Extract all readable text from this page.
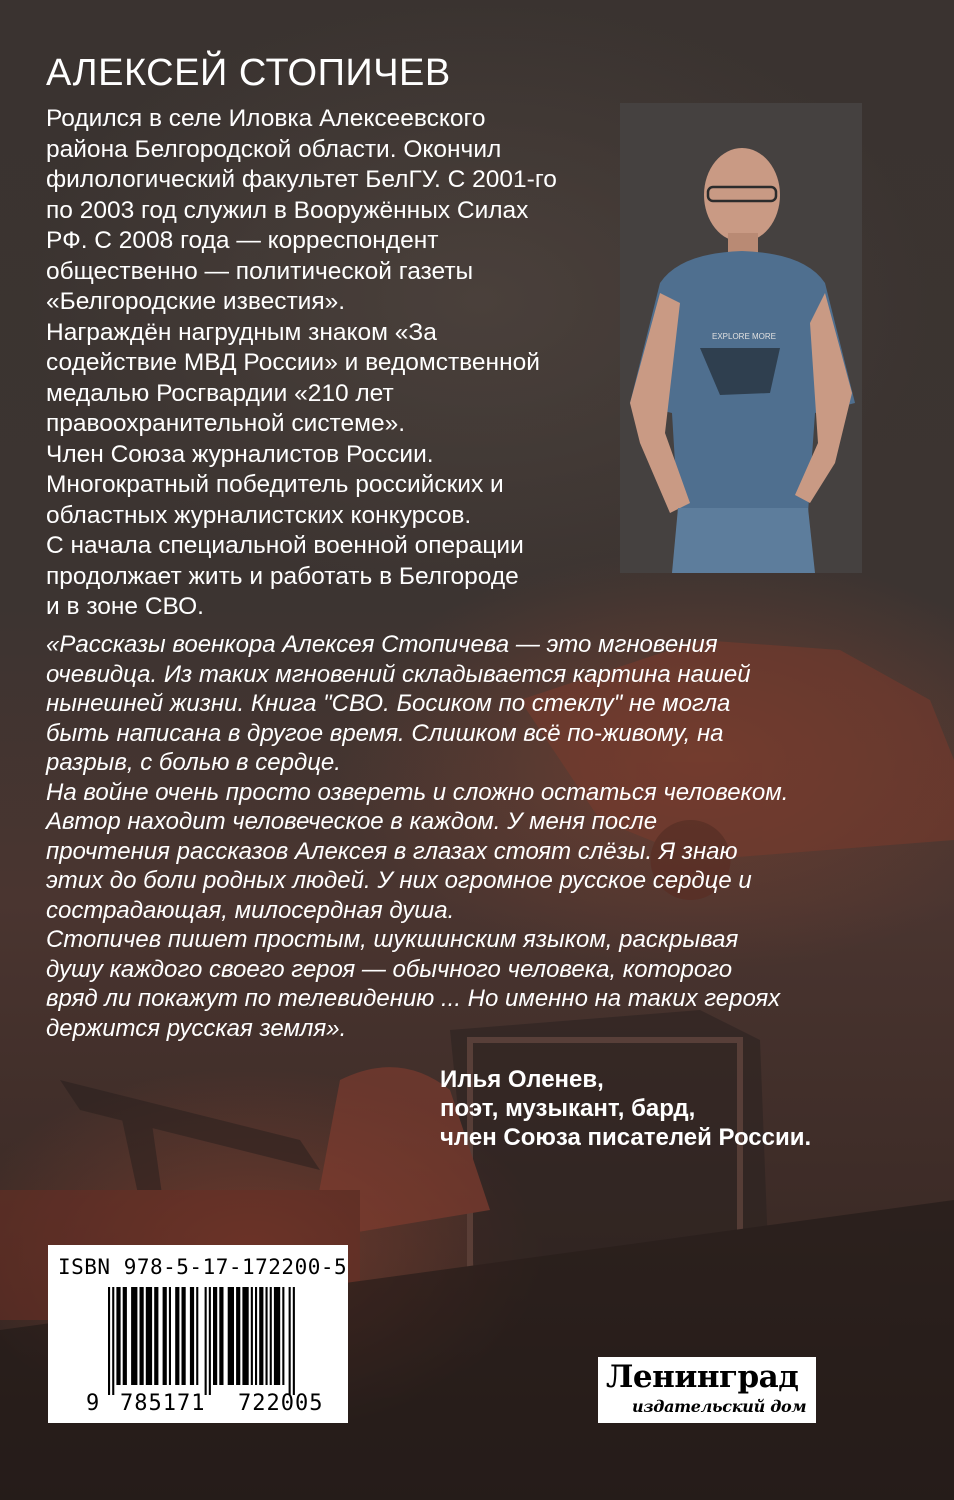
АЛЕКСЕЙ СТОПИЧЕВ

Родился в селе Иловка Алексеевского
района Белгородской области. Окончил
филологический факультет БелГУ. С 2001-го
по 2003 год служил в Вооружённых Силах
РФ. С 2008 года — корреспондент
общественно — политической газеты
«Белгородские известия».
Награждён нагрудным знаком «За
содействие МВД России» и ведомственной
медалью Росгвардии «210 лет
правоохранительной системе».
Член Союза журналистов России.
Многократный победитель российских и
областных журналистских конкурсов.
С начала специальной военной операции
продолжает жить и работать в Белгороде
и в зоне СВО.

EXPLORE MORE

«Рассказы военкора Алексея Стопичева — это мгновения
очевидца. Из таких мгновений складывается картина нашей
нынешней жизни. Книга "СВО. Босиком по стеклу" не могла
быть написана в другое время. Слишком всё по-живому, на
разрыв, с болью в сердце.
На войне очень просто озвереть и сложно остаться человеком.
Автор находит человеческое в каждом. У меня после
прочтения рассказов Алексея в глазах стоят слёзы. Я знаю
этих до боли родных людей. У них огромное русское сердце и
сострадающая, милосердная душа.
Стопичев пишет простым, шукшинским языком, раскрывая
душу каждого своего героя — обычного человека, которого
вряд ли покажут по телевидению ... Но именно на таких героях
держится русская земля».

Илья Оленев,
поэт, музыкант, бард,
член Союза писателей России.

ISBN 978-5-17-172200-5

9 785171 722005

Ленинград

издательский дом
